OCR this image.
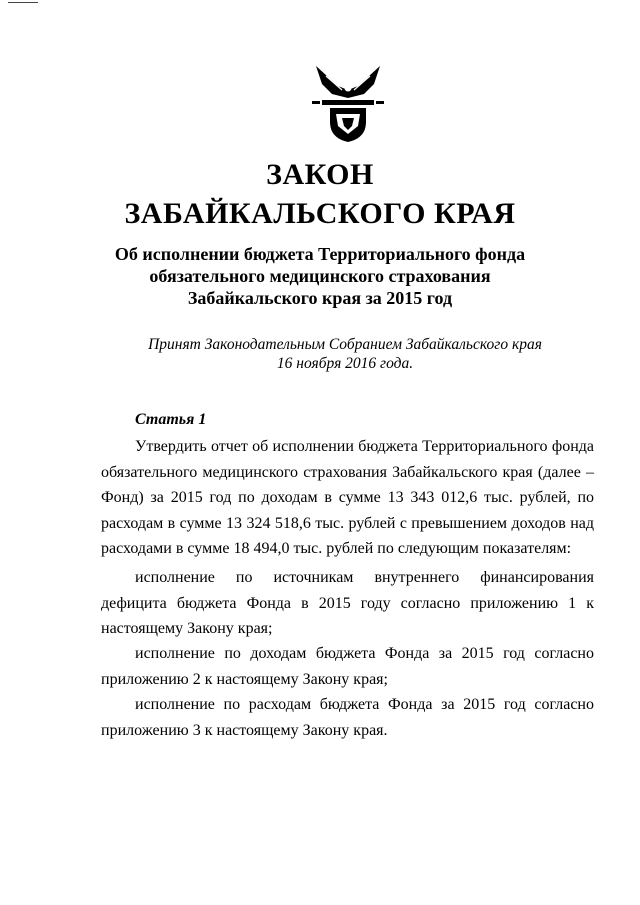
ЗАКОН
ЗАБАЙКАЛЬСКОГО КРАЯ
Об исполнении бюджета Территориального фонда
обязательного медицинского страхования
Забайкальского края за 2015 год
Принят Законодательным Собранием Забайкальского края
16 ноября 2016 года.
Статья 1

Утвердить отчет об исполнении бюджета Территориального фонда обязательного медицинского страхования Забайкальского края (далее – Фонд) за 2015 год по доходам в сумме 13 343 012,6 тыс. рублей, по расходам в сумме 13 324 518,6 тыс. рублей с превышением доходов над расходами в сумме 18 494,0 тыс. рублей по следующим показателям:

исполнение по источникам внутреннего финансирования дефицита бюджета Фонда в 2015 году согласно приложению 1 к настоящему Закону края;

исполнение по доходам бюджета Фонда за 2015 год согласно приложению 2 к настоящему Закону края;

исполнение по расходам бюджета Фонда за 2015 год согласно приложению 3 к настоящему Закону края.
